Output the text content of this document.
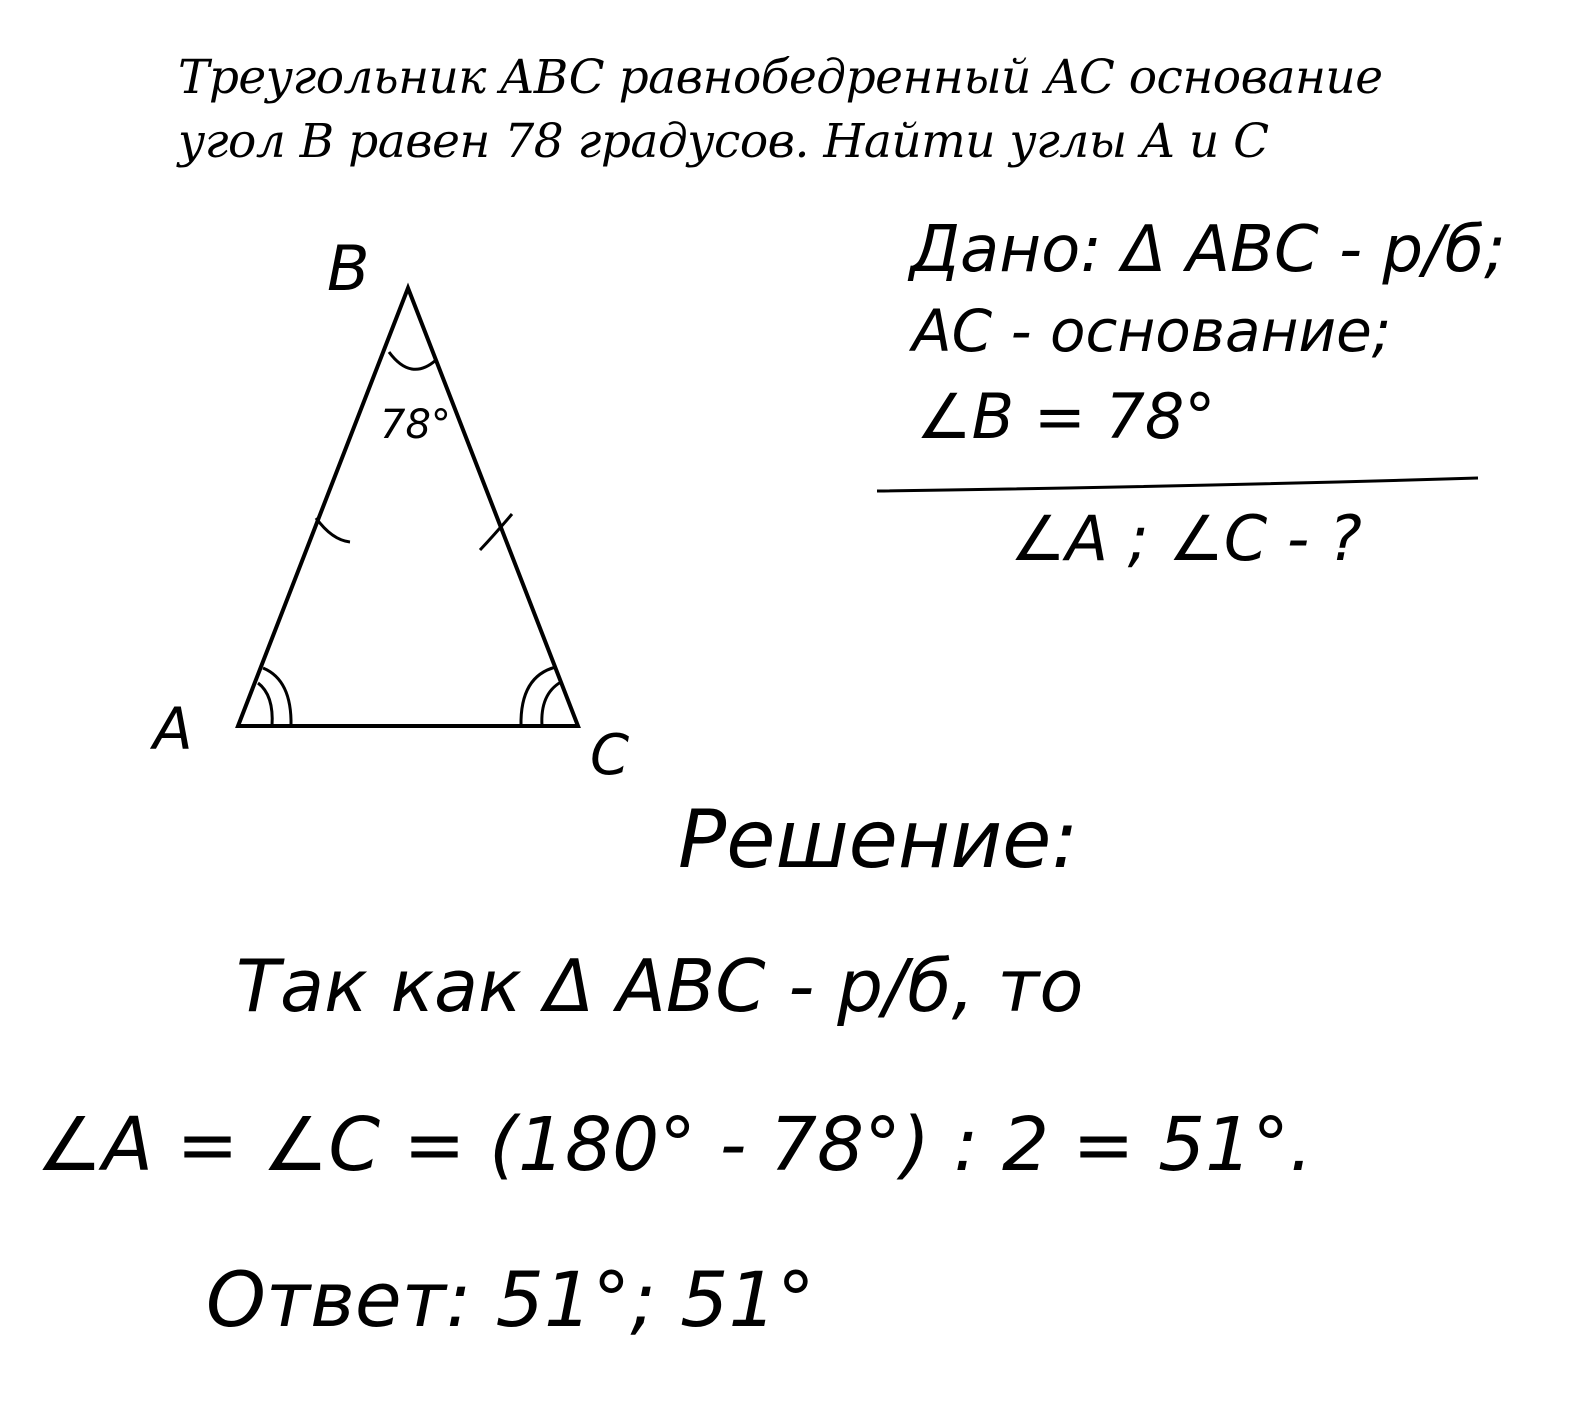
Треугольник ABC равнобедренный AC основание
угол B равен 78 градусов. Найти углы A и C
B
A	C
78°
Дано: Δ ABC - р/б;
AC - основание;
∠B = 78°
∠A ; ∠C - ?
Решение:
Так как Δ ABC - р/б, то
∠A = ∠C = (180° - 78°) : 2 = 51°.
Ответ: 51°; 51°
